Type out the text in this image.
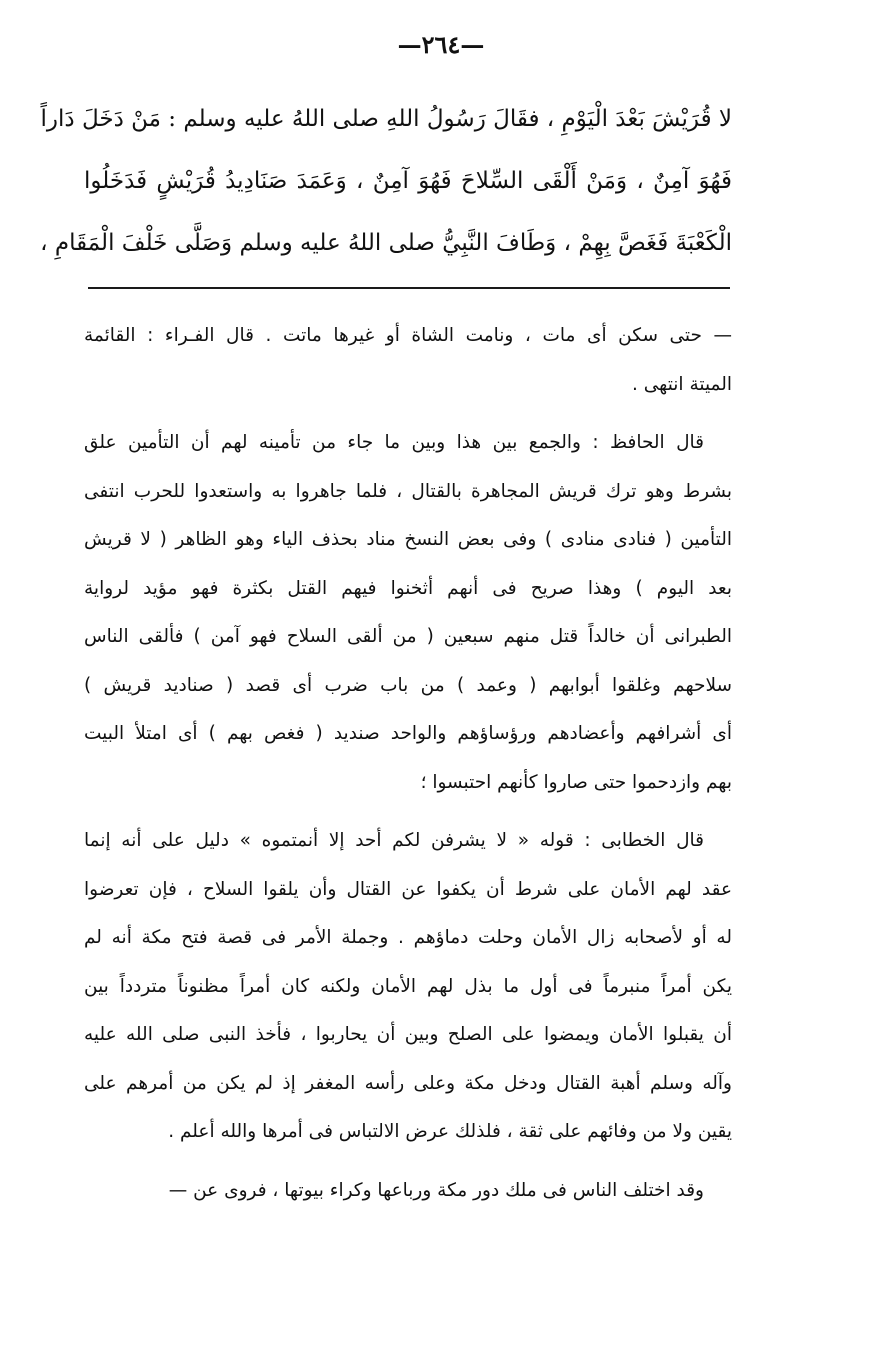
—٢٦٤—
لا قُرَيْشَ بَعْدَ الْيَوْمِ ، فقَالَ رَسُولُ اللهِ صلى اللهُ عليه وسلم : مَنْ دَخَلَ دَاراً
فَهُوَ آمِنٌ ، وَمَنْ أَلْقَى السِّلاحَ فَهُوَ آمِنٌ ، وَعَمَدَ صَنَادِيدُ قُرَيْشٍ فَدَخَلُوا
الْكَعْبَةَ فَغَصَّ بِهِمْ ، وَطَافَ النَّبِيُّ صلى اللهُ عليه وسلم وَصَلَّى خَلْفَ الْمَقَامِ ،
— حتى سكن أى مات ، ونامت الشاة أو غيرها ماتت . قال الفـراء : القائمة
الميتة انتهى .
قال الحافظ : والجمع بين هذا وبين ما جاء من تأمينه لهم أن التأمين علق
بشرط وهو ترك قريش المجاهرة بالقتال ، فلما جاهروا به واستعدوا للحرب انتفى
التأمين ( فنادى منادى ) وفى بعض النسخ مناد بحذف الياء وهو الظاهر ( لا قريش
بعد اليوم ) وهذا صريح فى أنهم أثخنوا فيهم القتل بكثرة فهو مؤيد لرواية
الطبرانى أن خالداً قتل منهم سبعين ( من ألقى السلاح فهو آمن ) فألقى الناس
سلاحهم وغلقوا أبوابهم ( وعمد ) من باب ضرب أى قصد ( صناديد قريش )
أى أشرافهم وأعضادهم ورؤساؤهم والواحد صنديد ( فغص بهم ) أى امتلأ البيت
بهم وازدحموا حتى صاروا كأنهم احتبسوا ؛
قال الخطابى : قوله « لا يشرفن لكم أحد إلا أنمتموه » دليل على أنه إنما
عقد لهم الأمان على شرط أن يكفوا عن القتال وأن يلقوا السلاح ، فإن تعرضوا
له أو لأصحابه زال الأمان وحلت دماؤهم . وجملة الأمر فى قصة فتح مكة أنه لم
يكن أمراً منبرماً فى أول ما بذل لهم الأمان ولكنه كان أمراً مظنوناً متردداً بين
أن يقبلوا الأمان ويمضوا على الصلح وبين أن يحاربوا ، فأخذ النبى صلى الله عليه
وآله وسلم أهبة القتال ودخل مكة وعلى رأسه المغفر إذ لم يكن من أمرهم على
يقين ولا من وفائهم على ثقة ، فلذلك عرض الالتباس فى أمرها والله أعلم .
وقد اختلف الناس فى ملك دور مكة ورباعها وكراء بيوتها ، فروى عن —
